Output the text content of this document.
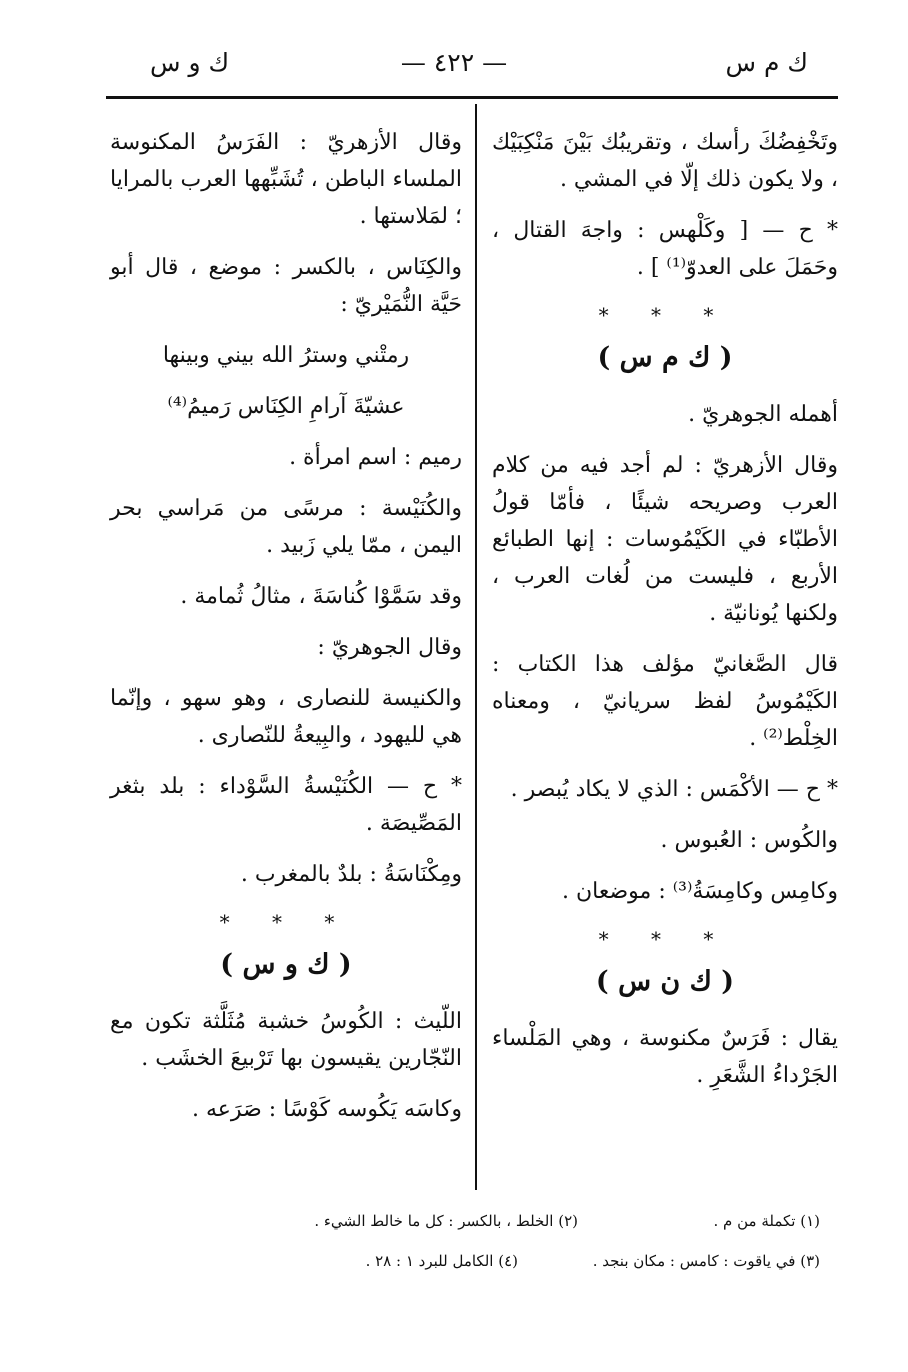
ك م س
— ٤٢٢ —
ك و س

وتَخْفِضُكَ رأسك ، وتقريبُك بَيْنَ مَنْكِبَيْك ، ولا يكون ذلك إلّا في المشي .

* ح — [ وكَلْهس : واجهَ القتال ، وحَمَلَ على العدوّ⁽¹⁾ ] .

* * *
( ك م س )

أهمله الجوهريّ .

وقال الأزهريّ : لم أجد فيه من كلام العرب وصريحه شيئًا ، فأمّا قولُ الأطبّاء في الكَيْمُوسات : إنها الطبائع الأربع ، فليست من لُغات العرب ، ولكنها يُونانيّة .

قال الصَّغانيّ مؤلف هذا الكتاب : الكَيْمُوسُ لفظ سريانيّ ، ومعناه الخِلْط⁽²⁾ .

* ح — الأكْمَس : الذي لا يكاد يُبصر .

والكُوس : العُبوس .

وكامِس وكامِسَةُ⁽³⁾ : موضعان .

* * *
( ك ن س )

يقال : فَرَسٌ مكنوسة ، وهي المَلْساء الجَرْداءُ الشَّعَرِ .

وقال الأزهريّ : الفَرَسُ المكنوسة الملساء الباطن ، تُشَبِّهها العرب بالمرايا ؛ لمَلاستها .

والكِنَاس ، بالكسر : موضع ، قال أبو حَيَّة النُّمَيْريّ :

رمتْني وسترُ الله بيني وبينها
عشيّةَ آرامِ الكِنَاس رَميمُ⁽⁴⁾

رميم : اسم امرأة .

والكُنَيْسة : مرسًى من مَراسي بحر اليمن ، ممّا يلي زَبيد .

وقد سَمَّوْا كُناسَةَ ، مثالُ ثُمامة .

وقال الجوهريّ :

والكنيسة للنصارى ، وهو سهو ، وإنّما هي لليهود ، والبِيعةُ للنّصارى .

* ح — الكُنَيْسةُ السَّوْداء : بلد بثغر المَصِّيصَة .

ومِكْنَاسَةُ : بلدٌ بالمغرب .

* * *
( ك و س )

اللّيث : الكُوسُ خشبة مُثَلَّثة تكون مع النّجّارين يقيسون بها تَرْبيعَ الخشَب .

وكاسَه يَكُوسه كَوْسًا : صَرَعه .

(١) تكملة من م .
(٢) الخلط ، بالكسر : كل ما خالط الشيء .
(٣) في ياقوت : كامس : مكان بنجد .
(٤) الكامل للبرد ١ : ٢٨ .
